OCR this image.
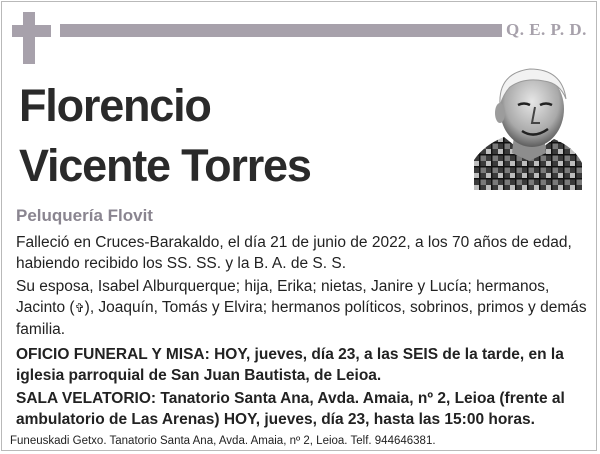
Q. E. P. D.
Florencio
Vicente Torres
Peluquería Flovit
Falleció en Cruces-Barakaldo, el día 21 de junio de 2022, a los 70 años de edad, habiendo recibido los SS. SS. y la B. A. de S. S.
Su esposa, Isabel Alburquerque; hija, Erika; nietas, Janire y Lucía; hermanos, Jacinto (✞), Joaquín, Tomás y Elvira; hermanos políticos, sobrinos, primos y demás familia.
OFICIO FUNERAL Y MISA: HOY, jueves, día 23, a las SEIS de la tarde, en la iglesia parroquial de San Juan Bautista, de Leioa.
SALA VELATORIO: Tanatorio Santa Ana, Avda. Amaia, nº 2, Leioa (frente al ambulatorio de Las Arenas) HOY, jueves, día 23, hasta las 15:00 horas.
Funeuskadi Getxo. Tanatorio Santa Ana, Avda. Amaia, nº 2, Leioa. Telf. 944646381.
